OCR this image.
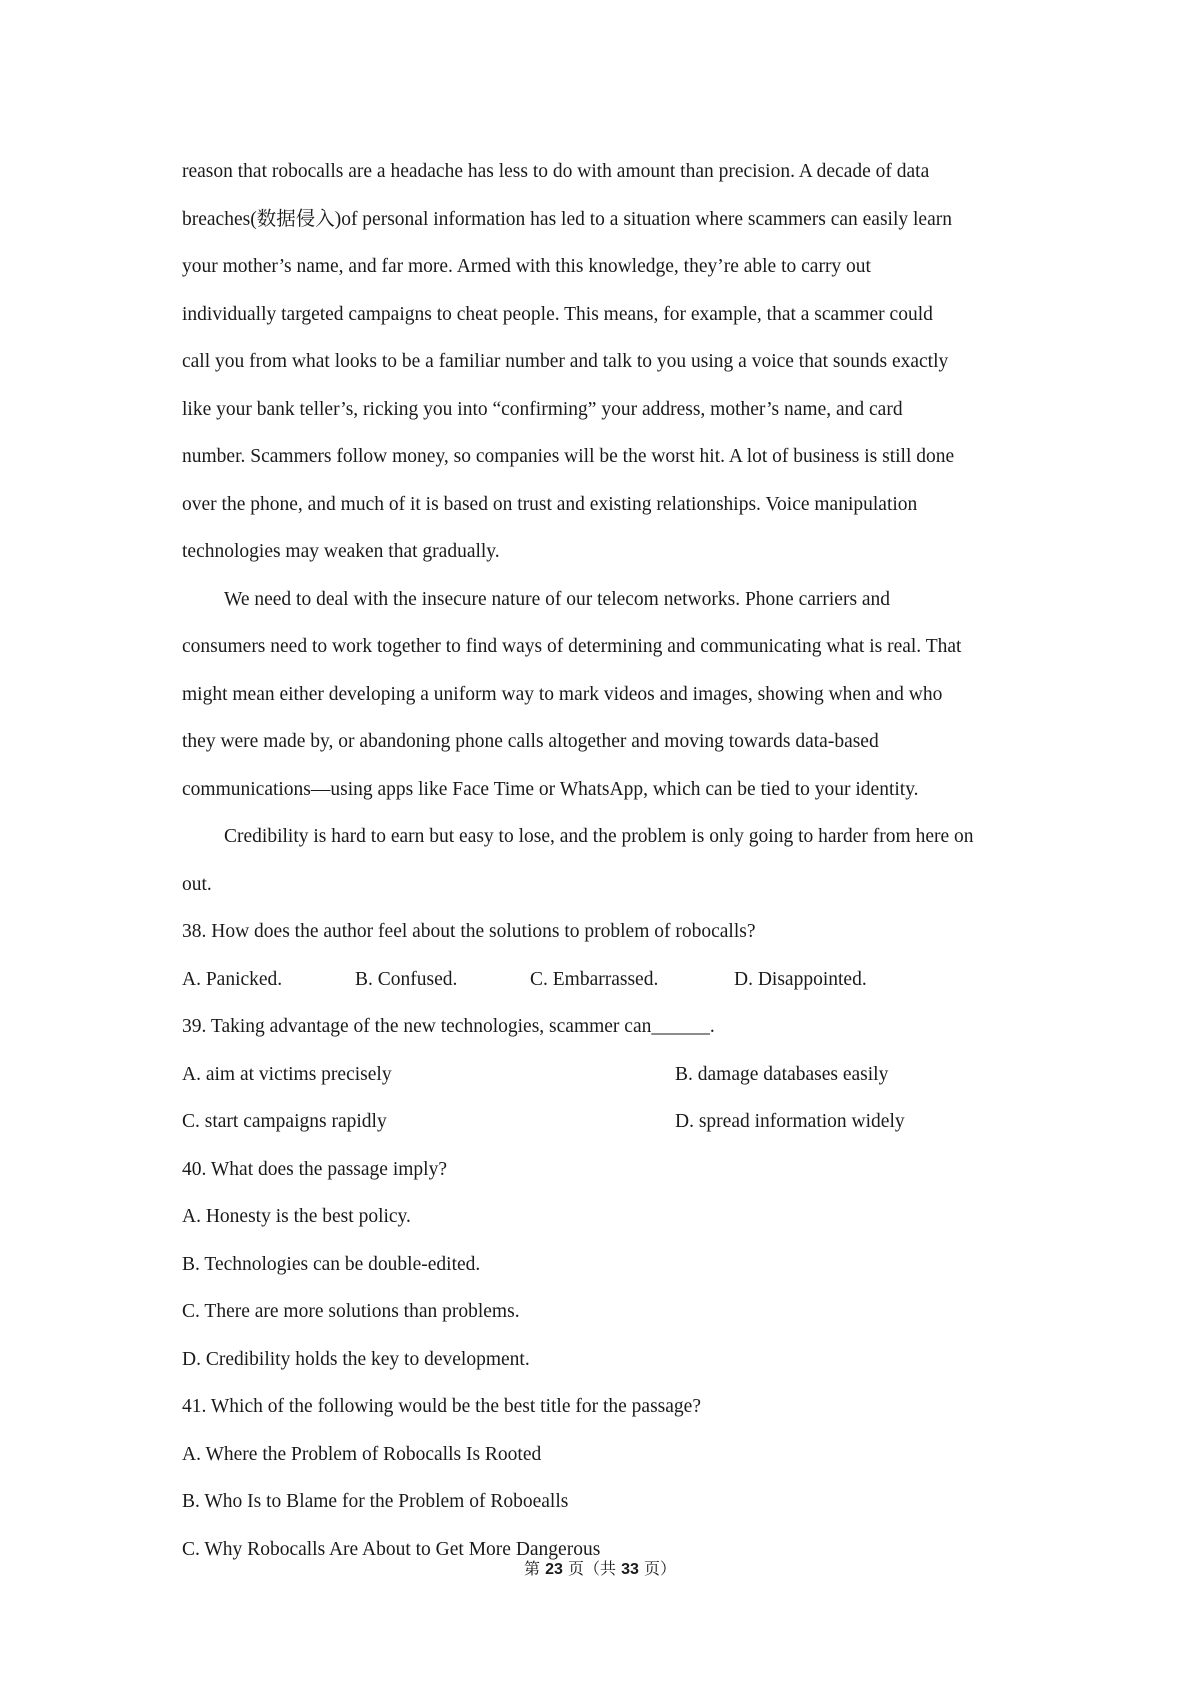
reason that robocalls are a headache has less to do with amount than precision. A decade of data
breaches(数据侵入)of personal information has led to a situation where scammers can easily learn
your mother’s name, and far more. Armed with this knowledge, they’re able to carry out
individually targeted campaigns to cheat people. This means, for example, that a scammer could
call you from what looks to be a familiar number and talk to you using a voice that sounds exactly
like your bank teller’s, ricking you into “confirming” your address, mother’s name, and card
number. Scammers follow money, so companies will be the worst hit. A lot of business is still done
over the phone, and much of it is based on trust and existing relationships. Voice manipulation
technologies may weaken that gradually.
We need to deal with the insecure nature of our telecom networks. Phone carriers and
consumers need to work together to find ways of determining and communicating what is real. That
might mean either developing a uniform way to mark videos and images, showing when and who
they were made by, or abandoning phone calls altogether and moving towards data-based
communications—using apps like Face Time or WhatsApp, which can be tied to your identity.
Credibility is hard to earn but easy to lose, and the problem is only going to harder from here on
out.

38. How does the author feel about the solutions to problem of robocalls?

A. Panicked.	B. Confused.	C. Embarrassed.	D. Disappointed.

39. Taking advantage of the new technologies, scammer can______.

A. aim at victims precisely	B. damage databases easily
C. start campaigns rapidly	D. spread information widely

40. What does the passage imply?

A. Honesty is the best policy.

B. Technologies can be double-edited.

C. There are more solutions than problems.

D. Credibility holds the key to development.

41. Which of the following would be the best title for the passage?

A. Where the Problem of Robocalls Is Rooted

B. Who Is to Blame for the Problem of Roboealls

C. Why Robocalls Are About to Get More Dangerous

第 23 页（共 33 页）
